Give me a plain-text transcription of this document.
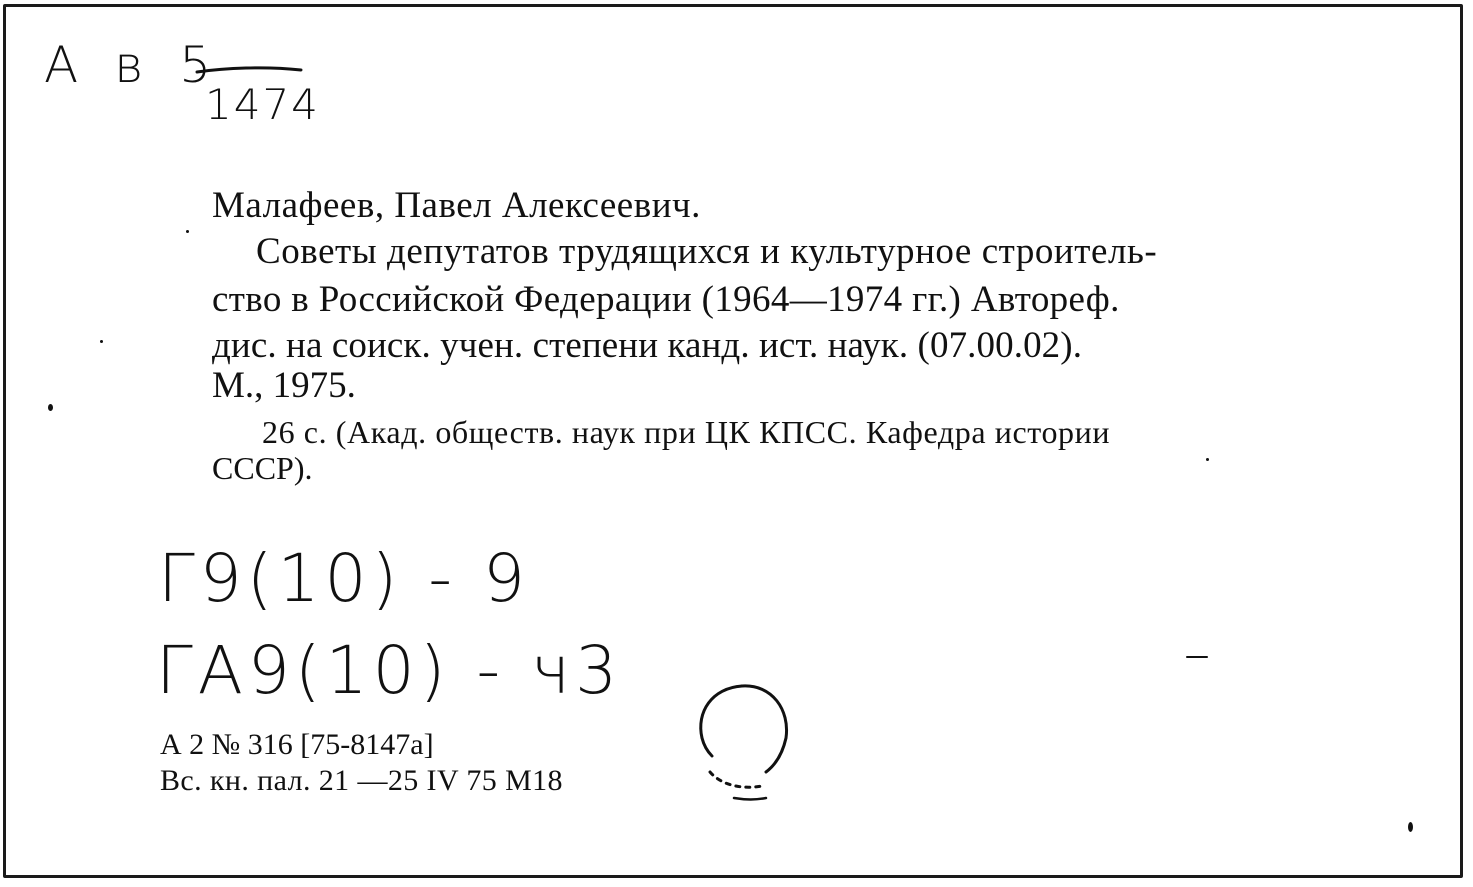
А в 5
1474
Малафеев, Павел Алексеевич.
Советы депутатов трудящихся и культурное строитель-
ство в Российской Федерации (1964—1974 гг.) Автореф.
дис. на соиск. учен. степени канд. ист. наук. (07.00.02).
М., 1975.
26 с. (Акад. обществ. наук при ЦК КПСС. Кафедра истории
СССР).
Г9(10) - 9
ГА9(10) - ч3
А 2 № 316 [75-8147а]
Вс. кн. пал. 21 —25 IV 75 М18
